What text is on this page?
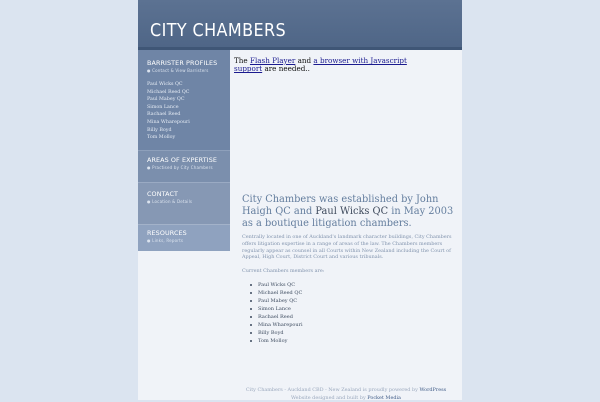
CITY CHAMBERS
BARRISTER PROFILES
● Contact & View Barristers
Paul Wicks QC
Michael Reed QC
Paul Mabey QC
Simon Lance
Rachael Reed
Mina Wharepouri
Billy Boyd
Tom Molloy
AREAS OF EXPERTISE
● Practised by City Chambers
CONTACT
● Location & Details
RESOURCES
● Links, Reports
The Flash Player and a browser with Javascript support are needed..
City Chambers was established by John Haigh QC and Paul Wicks QC in May 2003 as a boutique litigation chambers.
Centrally located in one of Auckland's landmark character buildings, City Chambers offers litigation expertise in a range of areas of the law. The Chambers members regularly appear as counsel in all Courts within New Zealand including the Court of Appeal, High Court, District Court and various tribunals.
Current Chambers members are:
Paul Wicks QC
Michael Reed QC
Paul Mabey QC
Simon Lance
Rachael Reed
Mina Wharepouri
Billy Boyd
Tom Molloy
City Chambers - Auckland CBD - New Zealand is proudly powered by WordPress
Website designed and built by Pocket Media
